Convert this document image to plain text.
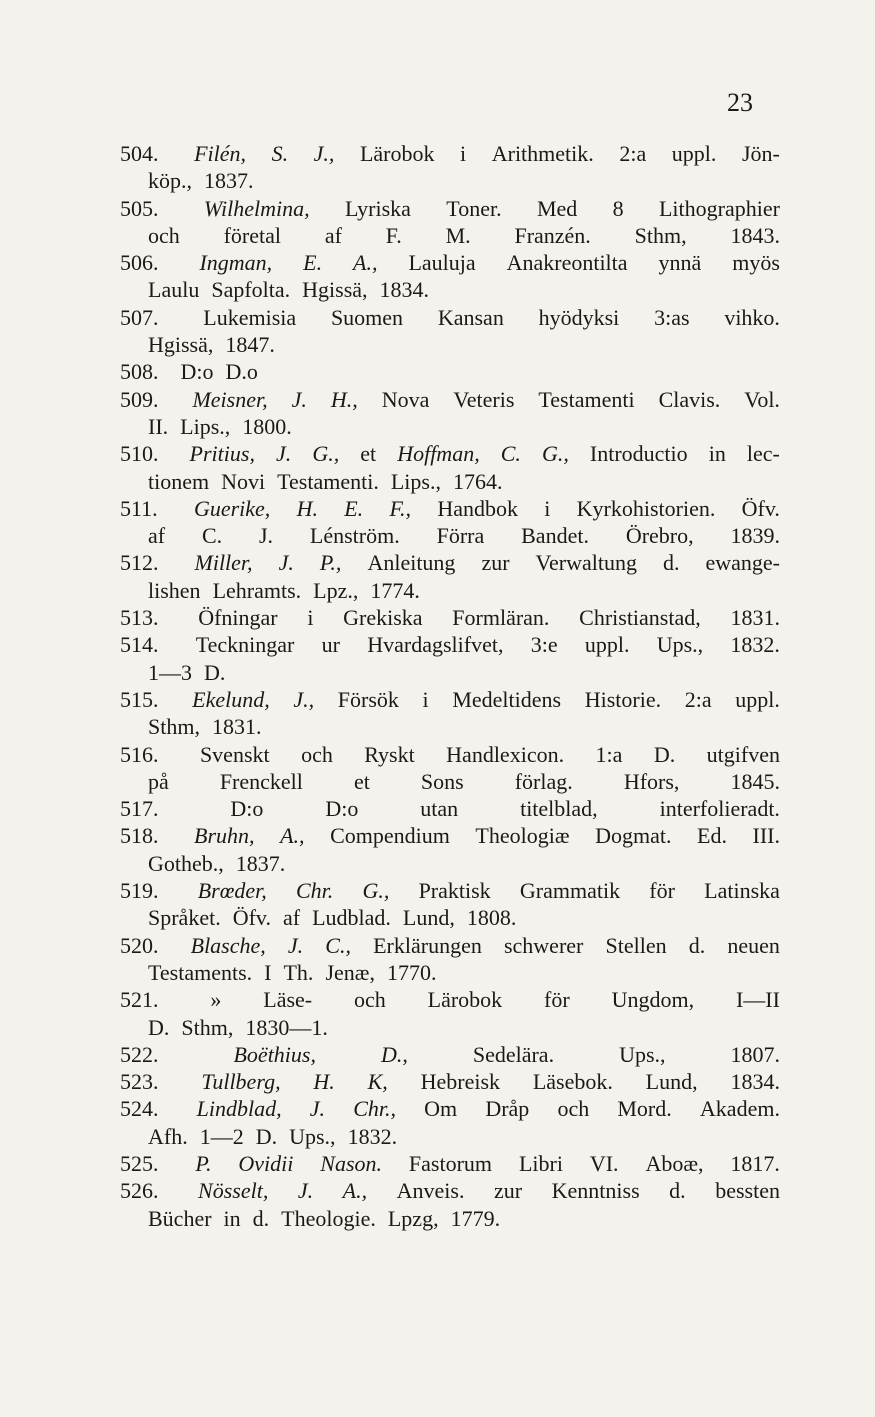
23
504. Filén, S. J., Lärobok i Arithmetik. 2:a uppl. Jön-
köp., 1837.
505. Wilhelmina, Lyriska Toner. Med 8 Lithographier
och företal af F. M. Franzén. Sthm, 1843.
506. Ingman, E. A., Lauluja Anakreontilta ynnä myös
Laulu Sapfolta. Hgissä, 1834.
507. Lukemisia Suomen Kansan hyödyksi 3:as vihko.
Hgissä, 1847.
508. D:o D.o
509. Meisner, J. H., Nova Veteris Testamenti Clavis. Vol.
II. Lips., 1800.
510. Pritius, J. G., et Hoffman, C. G., Introductio in lec-
tionem Novi Testamenti. Lips., 1764.
511. Guerike, H. E. F., Handbok i Kyrkohistorien. Öfv.
af C. J. Lénström. Förra Bandet. Örebro, 1839.
512. Miller, J. P., Anleitung zur Verwaltung d. ewange-
lishen Lehramts. Lpz., 1774.
513. Öfningar i Grekiska Formläran. Christianstad, 1831.
514. Teckningar ur Hvardagslifvet, 3:e uppl. Ups., 1832.
1—3 D.
515. Ekelund, J., Försök i Medeltidens Historie. 2:a uppl.
Sthm, 1831.
516. Svenskt och Ryskt Handlexicon. 1:a D. utgifven
på Frenckell et Sons förlag. Hfors, 1845.
517.	D:o	D:o	utan	titelblad,	interfolieradt.
518. Bruhn, A., Compendium Theologiæ Dogmat. Ed. III.
Gotheb., 1837.
519. Brœder, Chr. G., Praktisk Grammatik för Latinska
Språket. Öfv. af Ludblad. Lund, 1808.
520. Blasche, J. C., Erklärungen schwerer Stellen d. neuen
Testaments. I Th. Jenæ, 1770.
521. » Läse- och Lärobok för Ungdom, I—II
D. Sthm, 1830—1.
522.	Boëthius,	D.,	Sedelära.	Ups.,	1807.
523. Tullberg, H. K, Hebreisk Läsebok. Lund, 1834.
524. Lindblad, J. Chr., Om Dråp och Mord. Akadem.
Afh. 1—2 D. Ups., 1832.
525. P. Ovidii Nason. Fastorum Libri VI. Aboæ, 1817.
526. Nösselt, J. A., Anveis. zur Kenntniss d. bessten
Bücher in d. Theologie. Lpzg, 1779.
